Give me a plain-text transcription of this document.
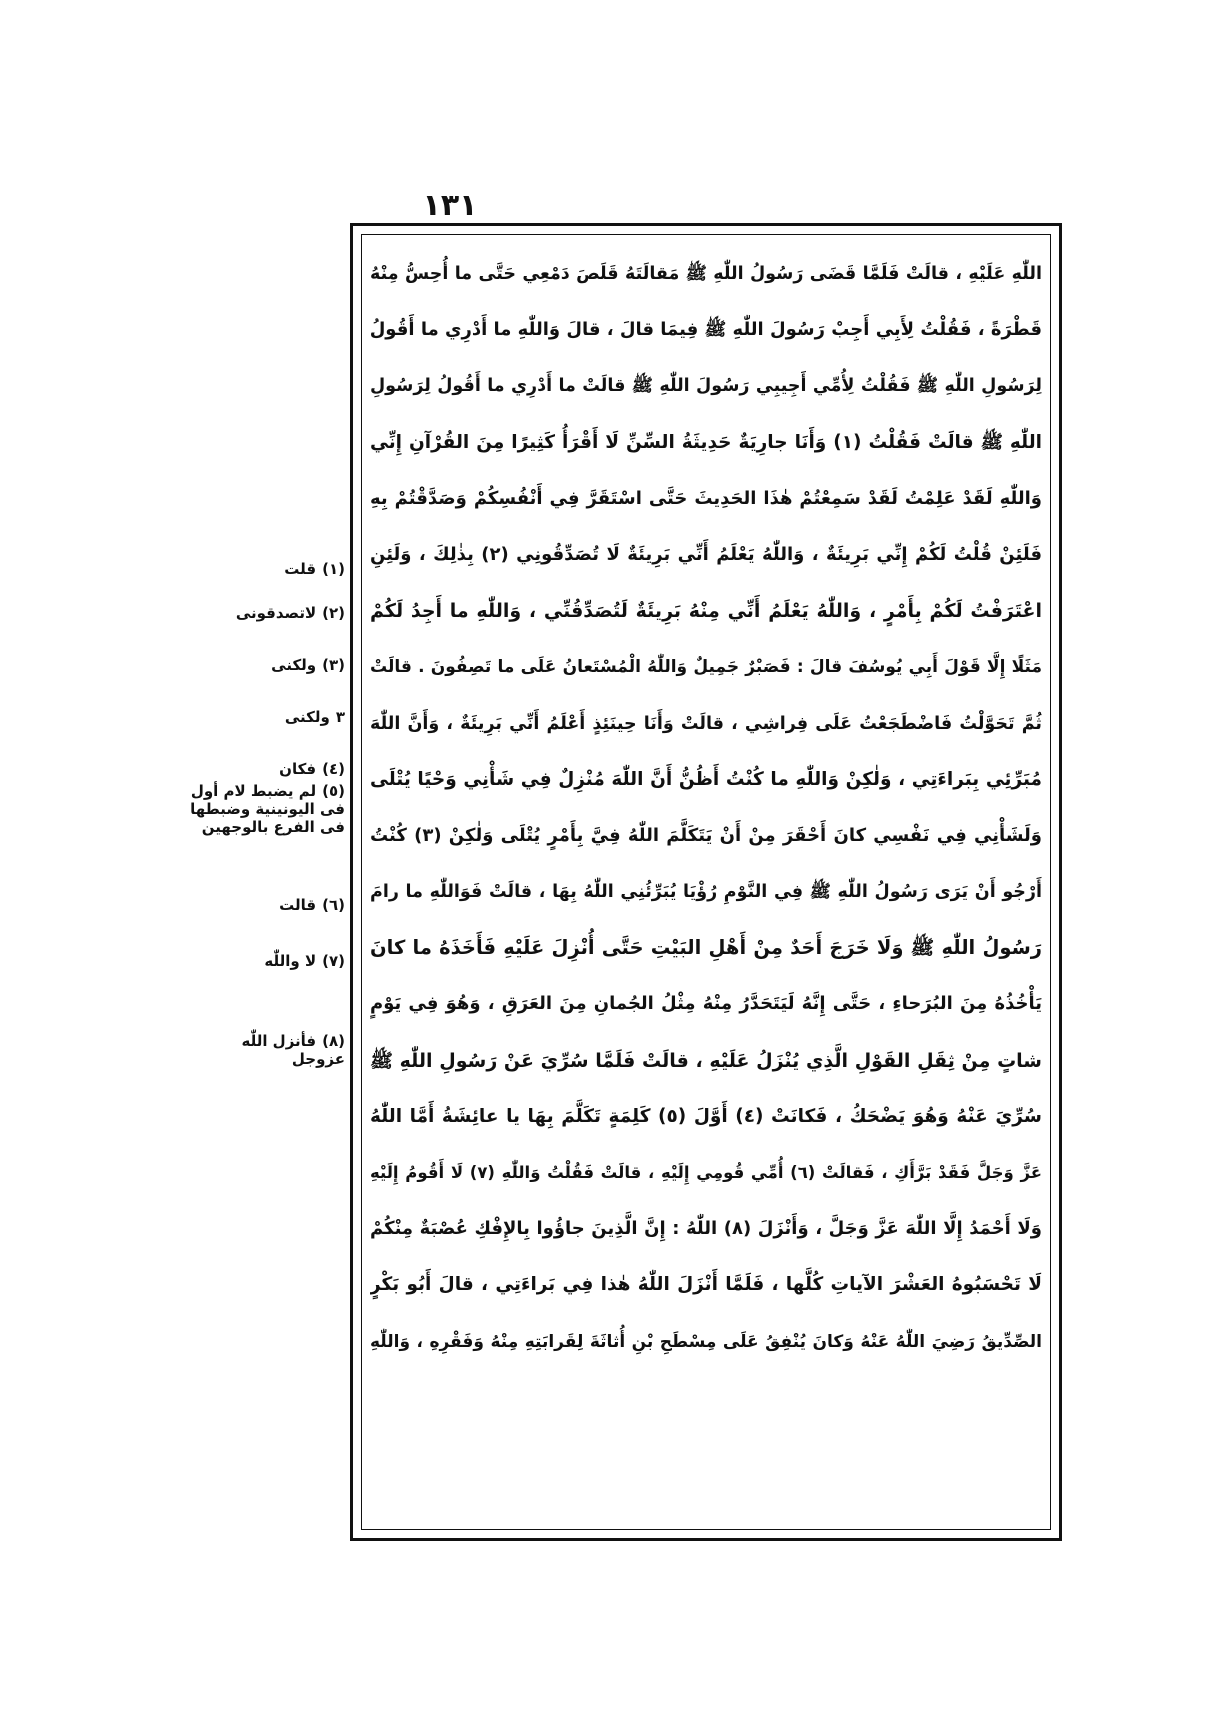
١٣١
اللّٰهِ عَلَيْهِ ، قالَتْ فَلَمَّا قَضَى رَسُولُ اللّٰهِ ﷺ مَقالَتَهُ قَلَصَ دَمْعِي حَتَّى ما أُحِسُّ مِنْهُ
قَطْرَةً ، فَقُلْتُ لِأَبِي أَجِبْ رَسُولَ اللّٰهِ ﷺ فِيمَا قالَ ، قالَ وَاللّٰهِ ما أَدْرِي ما أَقُولُ
لِرَسُولِ اللّٰهِ ﷺ فَقُلْتُ لِأُمِّي أَجِيبِي رَسُولَ اللّٰهِ ﷺ قالَتْ ما أَدْرِي ما أَقُولُ لِرَسُولِ
اللّٰهِ ﷺ قالَتْ فَقُلْتُ (١) وَأَنَا جارِيَةٌ حَدِيثَةُ السِّنِّ لَا أَقْرَأُ كَثِيرًا مِنَ القُرْآنِ إِنِّي
وَاللّٰهِ لَقَدْ عَلِمْتُ لَقَدْ سَمِعْتُمْ هٰذَا الحَدِيثَ حَتَّى اسْتَقَرَّ فِي أَنْفُسِكُمْ وَصَدَّقْتُمْ بِهِ
فَلَئِنْ قُلْتُ لَكُمْ إِنِّي بَرِيئَةٌ ، وَاللّٰهُ يَعْلَمُ أَنِّي بَرِيئَةٌ لَا تُصَدِّقُونِي (٢) بِذٰلِكَ ، وَلَئِنِ
اعْتَرَفْتُ لَكُمْ بِأَمْرٍ ، وَاللّٰهُ يَعْلَمُ أَنِّي مِنْهُ بَرِيئَةٌ لَتُصَدِّقُنِّي ، وَاللّٰهِ ما أَجِدُ لَكُمْ
مَثَلًا إِلَّا قَوْلَ أَبِي يُوسُفَ قالَ : فَصَبْرٌ جَمِيلٌ وَاللّٰهُ الْمُسْتَعانُ عَلَى ما تَصِفُونَ . قالَتْ
ثُمَّ تَحَوَّلْتُ فَاضْطَجَعْتُ عَلَى فِراشِي ، قالَتْ وَأَنَا حِينَئِذٍ أَعْلَمُ أَنِّي بَرِيئَةٌ ، وَأَنَّ اللّٰهَ
مُبَرِّئِي بِبَراءَتِي ، وَلٰكِنْ وَاللّٰهِ ما كُنْتُ أَظُنُّ أَنَّ اللّٰهَ مُنْزِلٌ فِي شَأْنِي وَحْيًا يُتْلَى
وَلَشَأْنِي فِي نَفْسِي كانَ أَحْقَرَ مِنْ أَنْ يَتَكَلَّمَ اللّٰهُ فِيَّ بِأَمْرٍ يُتْلَى وَلٰكِنْ (٣) كُنْتُ
أَرْجُو أَنْ يَرَى رَسُولُ اللّٰهِ ﷺ فِي النَّوْمِ رُؤْيَا يُبَرِّئُنِي اللّٰهُ بِهَا ، قالَتْ فَوَاللّٰهِ ما رامَ
رَسُولُ اللّٰهِ ﷺ وَلَا خَرَجَ أَحَدٌ مِنْ أَهْلِ البَيْتِ حَتَّى أُنْزِلَ عَلَيْهِ فَأَخَذَهُ ما كانَ
يَأْخُذُهُ مِنَ البُرَحاءِ ، حَتَّى إِنَّهُ لَيَتَحَدَّرُ مِنْهُ مِثْلُ الجُمانِ مِنَ العَرَقِ ، وَهُوَ فِي يَوْمٍ
شاتٍ مِنْ ثِقَلِ القَوْلِ الَّذِي يُنْزَلُ عَلَيْهِ ، قالَتْ فَلَمَّا سُرِّيَ عَنْ رَسُولِ اللّٰهِ ﷺ
سُرِّيَ عَنْهُ وَهُوَ يَضْحَكُ ، فَكانَتْ (٤) أَوَّلَ (٥) كَلِمَةٍ تَكَلَّمَ بِهَا يا عائِشَةُ أَمَّا اللّٰهُ
عَزَّ وَجَلَّ فَقَدْ بَرَّأَكِ ، فَقالَتْ (٦) أُمِّي قُومِي إِلَيْهِ ، قالَتْ فَقُلْتُ وَاللّٰهِ (٧) لَا أَقُومُ إِلَيْهِ
وَلَا أَحْمَدُ إِلَّا اللّٰهَ عَزَّ وَجَلَّ ، وَأَنْزَلَ (٨) اللّٰهُ : إِنَّ الَّذِينَ جاؤُوا بِالإِفْكِ عُصْبَةٌ مِنْكُمْ
لَا تَحْسَبُوهُ العَشْرَ الآياتِ كُلَّها ، فَلَمَّا أَنْزَلَ اللّٰهُ هٰذا فِي بَراءَتِي ، قالَ أَبُو بَكْرٍ
الصِّدِّيقُ رَضِيَ اللّٰهُ عَنْهُ وَكانَ يُنْفِقُ عَلَى مِسْطَحِ بْنِ أُثاثَةَ لِقَرابَتِهِ مِنْهُ وَفَقْرِهِ ، وَاللّٰهِ
(١)قلت
(٢)لاتصدقونى
(٣)ولكنى
٣ولكنى
(٤)فكان
(٥)لم يضبط لام أول فى اليونينية وضبطها فى الفرع بالوجهين
(٦)قالت
(٧)لا واللّٰه
(٨)فأنزل اللّٰه عزوجل
